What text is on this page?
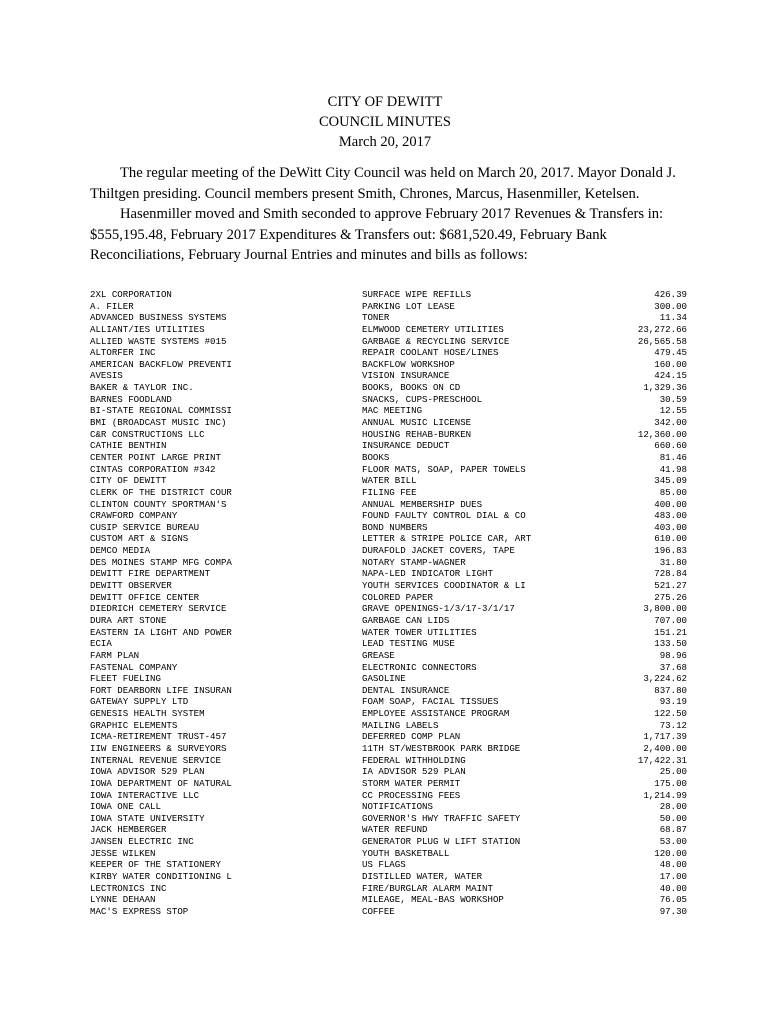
CITY OF DEWITT
COUNCIL MINUTES
March 20, 2017

The regular meeting of the DeWitt City Council was held on March 20, 2017. Mayor Donald J. Thiltgen presiding. Council members present Smith, Chrones, Marcus, Hasenmiller, Ketelsen.

Hasenmiller moved and Smith seconded to approve February 2017 Revenues & Transfers in: $555,195.48, February 2017 Expenditures & Transfers out: $681,520.49, February Bank Reconciliations, February Journal Entries and minutes and bills as follows:

2XL CORPORATION	SURFACE WIPE REFILLS	426.39
A. FILER	PARKING LOT LEASE	300.00
ADVANCED BUSINESS SYSTEMS	TONER	11.34
ALLIANT/IES UTILITIES	ELMWOOD CEMETERY UTILITIES	23,272.66
ALLIED WASTE SYSTEMS #015	GARBAGE & RECYCLING SERVICE	26,565.58
ALTORFER INC	REPAIR COOLANT HOSE/LINES	479.45
AMERICAN BACKFLOW PREVENTI	BACKFLOW WORKSHOP	160.00
AVESIS	VISION INSURANCE	424.15
BAKER & TAYLOR INC.	BOOKS, BOOKS ON CD	1,329.36
BARNES FOODLAND	SNACKS, CUPS-PRESCHOOL	30.59
BI-STATE REGIONAL COMMISSI	MAC MEETING	12.55
BMI (BROADCAST MUSIC INC)	ANNUAL MUSIC LICENSE	342.00
C&R CONSTRUCTIONS LLC	HOUSING REHAB-BURKEN	12,360.00
CATHIE BENTHIN	INSURANCE DEDUCT	660.60
CENTER POINT LARGE PRINT	BOOKS	81.46
CINTAS CORPORATION #342	FLOOR MATS, SOAP, PAPER TOWELS	41.98
CITY OF DEWITT	WATER BILL	345.09
CLERK OF THE DISTRICT COUR	FILING FEE	85.00
CLINTON COUNTY SPORTMAN'S	ANNUAL MEMBERSHIP DUES	400.00
CRAWFORD COMPANY	FOUND FAULTY CONTROL DIAL & CO	483.00
CUSIP SERVICE BUREAU	BOND NUMBERS	403.00
CUSTOM ART & SIGNS	LETTER & STRIPE POLICE CAR, ART	610.00
DEMCO MEDIA	DURAFOLD JACKET COVERS, TAPE	196.83
DES MOINES STAMP MFG COMPA	NOTARY STAMP-WAGNER	31.80
DEWITT FIRE DEPARTMENT	NAPA-LED INDICATOR LIGHT	728.84
DEWITT OBSERVER	YOUTH SERVICES COODINATOR & LI	521.27
DEWITT OFFICE CENTER	COLORED PAPER	275.26
DIEDRICH CEMETERY SERVICE	GRAVE OPENINGS-1/3/17-3/1/17	3,800.00
DURA ART STONE	GARBAGE CAN LIDS	707.00
EASTERN IA LIGHT AND POWER	WATER TOWER UTILITIES	151.21
ECIA	LEAD TESTING MUSE	133.50
FARM PLAN	GREASE	98.96
FASTENAL COMPANY	ELECTRONIC CONNECTORS	37.68
FLEET FUELING	GASOLINE	3,224.62
FORT DEARBORN LIFE INSURAN	DENTAL INSURANCE	837.80
GATEWAY SUPPLY LTD	FOAM SOAP, FACIAL TISSUES	93.19
GENESIS HEALTH SYSTEM	EMPLOYEE ASSISTANCE PROGRAM	122.50
GRAPHIC ELEMENTS	MAILING LABELS	73.12
ICMA-RETIREMENT TRUST-457	DEFERRED COMP PLAN	1,717.39
IIW ENGINEERS & SURVEYORS	11TH ST/WESTBROOK PARK BRIDGE	2,400.00
INTERNAL REVENUE SERVICE	FEDERAL WITHHOLDING	17,422.31
IOWA ADVISOR 529 PLAN	IA ADVISOR 529 PLAN	25.00
IOWA DEPARTMENT OF NATURAL	STORM WATER PERMIT	175.00
IOWA INTERACTIVE LLC	CC PROCESSING FEES	1,214.99
IOWA ONE CALL	NOTIFICATIONS	28.00
IOWA STATE UNIVERSITY	GOVERNOR'S HWY TRAFFIC SAFETY	50.00
JACK HEMBERGER	WATER REFUND	68.87
JANSEN ELECTRIC INC	GENERATOR PLUG W LIFT STATION	53.00
JESSE WILKEN	YOUTH BASKETBALL	120.00
KEEPER OF THE STATIONERY	US FLAGS	48.00
KIRBY WATER CONDITIONING L	DISTILLED WATER, WATER	17.00
LECTRONICS INC	FIRE/BURGLAR ALARM MAINT	40.00
LYNNE DEHAAN	MILEAGE, MEAL-BAS WORKSHOP	76.05
MAC'S EXPRESS STOP	COFFEE	97.30
